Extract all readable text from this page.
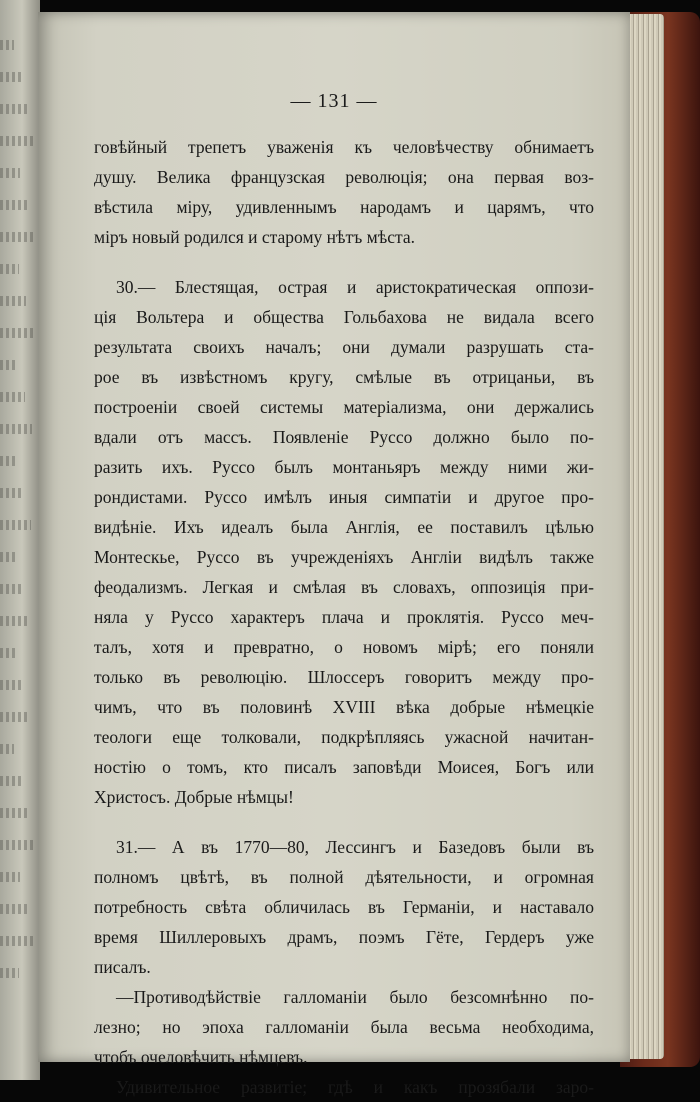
— 131 —
говѣйный трепетъ уваженія къ человѣчеству обнимаетъ
душу. Велика французская революція; она первая воз-
вѣстила міру, удивленнымъ народамъ и царямъ, что
міръ новый родился и старому нѣтъ мѣста.
30.— Блестящая, острая и аристократическая оппози-
ція Вольтера и общества Гольбахова не видала всего
результата своихъ началъ; они думали разрушать ста-
рое въ извѣстномъ кругу, смѣлые въ отрицаньи, въ
построеніи своей системы матеріализма, они держались
вдали отъ массъ. Появленіе Руссо должно было по-
разить ихъ. Руссо былъ монтаньяръ между ними жи-
рондистами. Руссо имѣлъ иныя симпатіи и другое про-
видѣніе. Ихъ идеалъ была Англія, ее поставилъ цѣлью
Монтескье, Руссо въ учрежденіяхъ Англіи видѣлъ также
феодализмъ. Легкая и смѣлая въ словахъ, оппозиція при-
няла у Руссо характеръ плача и проклятія. Руссо меч-
талъ, хотя и превратно, о новомъ мірѣ; его поняли
только въ революцію. Шлоссеръ говоритъ между про-
чимъ, что въ половинѣ XVIII вѣка добрые нѣмецкіе
теологи еще толковали, подкрѣпляясь ужасной начитан-
ностію о томъ, кто писалъ заповѣди Моисея, Богъ или
Христосъ. Добрые нѣмцы!
31.— А въ 1770—80, Лессингъ и Базедовъ были въ
полномъ цвѣтѣ, въ полной дѣятельности, и огромная
потребность свѣта обличилась въ Германіи, и наставало
время Шиллеровыхъ драмъ, поэмъ Гёте, Гердеръ уже
писалъ.
—Противодѣйствіе галломаніи было безсомнѣнно по-
лезно; но эпоха галломаніи была весьма необходима,
чтобъ очеловѣчить нѣмцевъ.
Удивительное развитіе; гдѣ и какъ прозябали заро-
